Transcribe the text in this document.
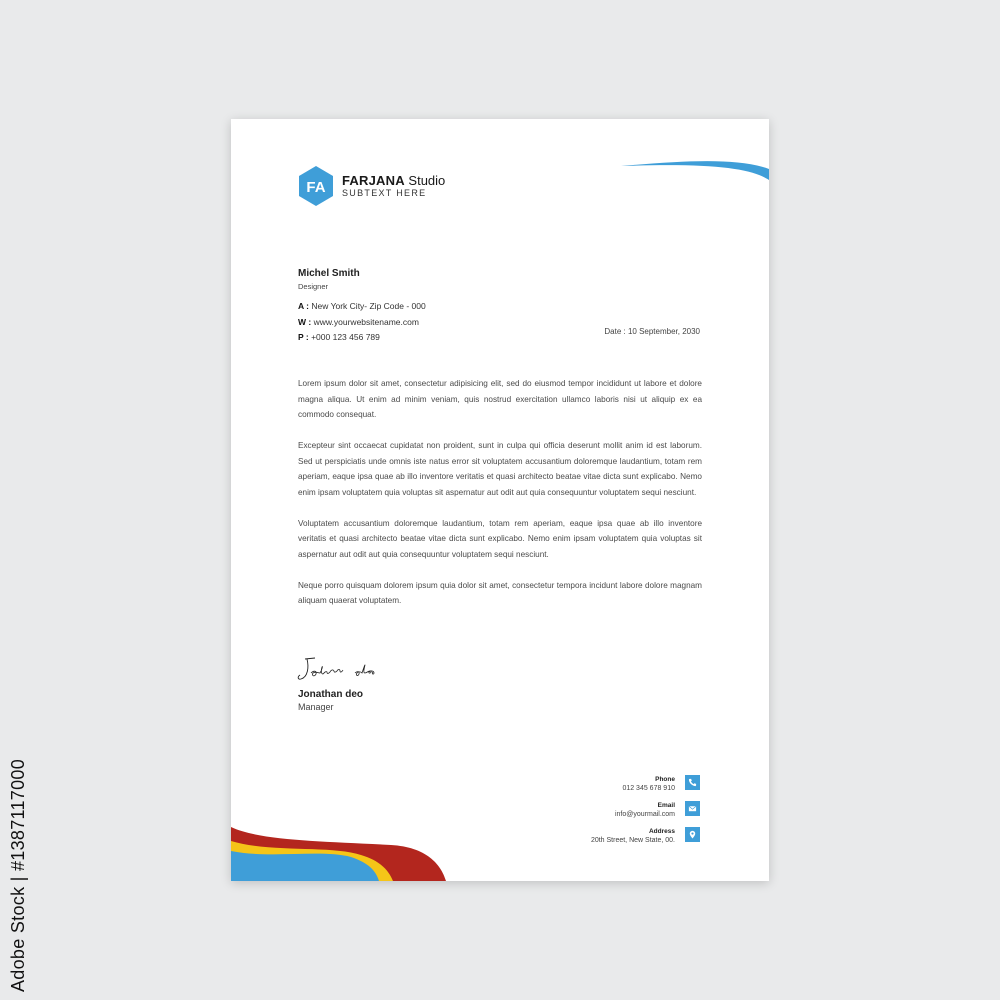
FA FARJANA Studio
SUBTEXT HERE
Michel Smith
Designer
A : New York City- Zip Code - 000
W : www.yourwebsitename.com
P : +000 123 456 789
Date : 10 September, 2030

Lorem ipsum dolor sit amet, consectetur adipisicing elit, sed do eiusmod tempor incididunt ut labore et dolore magna aliqua. Ut enim ad minim veniam, quis nostrud exercitation ullamco laboris nisi ut aliquip ex ea commodo consequat.

Excepteur sint occaecat cupidatat non proident, sunt in culpa qui officia deserunt mollit anim id est laborum. Sed ut perspiciatis unde omnis iste natus error sit voluptatem accusantium doloremque laudantium, totam rem aperiam, eaque ipsa quae ab illo inventore veritatis et quasi architecto beatae vitae dicta sunt explicabo. Nemo enim ipsam voluptatem quia voluptas sit aspernatur aut odit aut quia consequuntur voluptatem sequi nesciunt.

Voluptatem accusantium doloremque laudantium, totam rem aperiam, eaque ipsa quae ab illo inventore veritatis et quasi architecto beatae vitae dicta sunt explicabo. Nemo enim ipsam voluptatem quia voluptas sit aspernatur aut odit aut quia consequuntur voluptatem sequi nesciunt.

Neque porro quisquam dolorem ipsum quia dolor sit amet, consectetur tempora incidunt labore dolore magnam aliquam quaerat voluptatem.

Jonathan deo
Manager
Phone
012 345 678 910
Email
info@yourmail.com
Address
20th Street, New State, 00.
Adobe Stock | #1387117000
